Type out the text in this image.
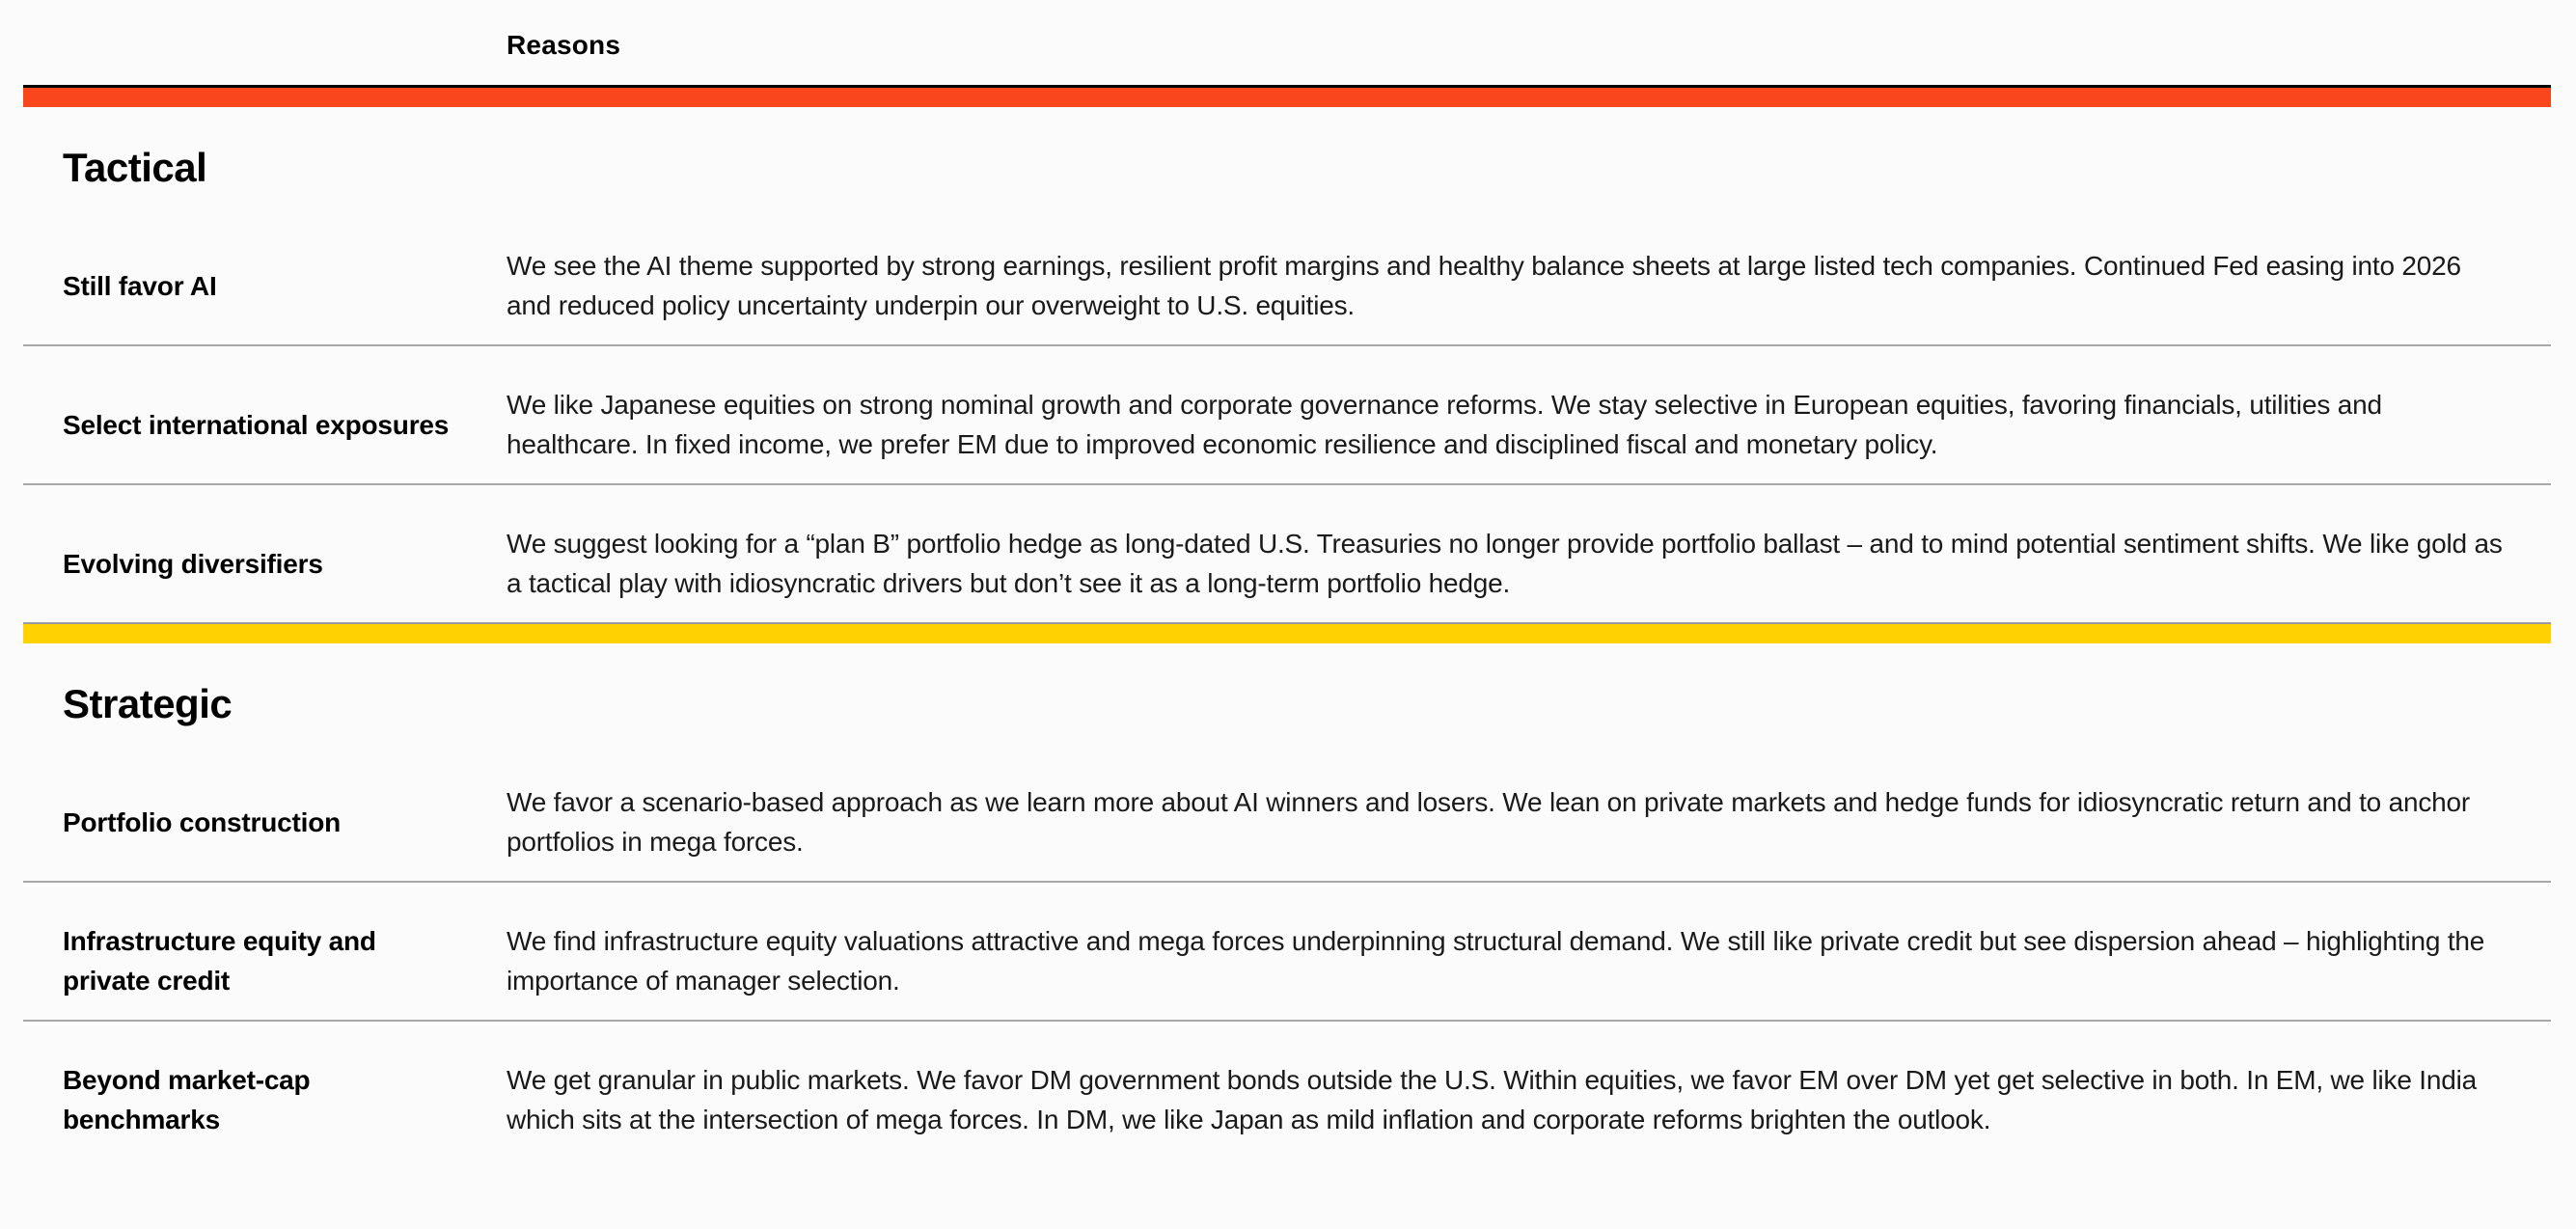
Reasons
Tactical
Still favor AI
We see the AI theme supported by strong earnings, resilient profit margins and healthy balance sheets at large listed tech companies. Continued Fed easing into 2026 and reduced policy uncertainty underpin our overweight to U.S. equities.
Select international exposures
We like Japanese equities on strong nominal growth and corporate governance reforms. We stay selective in European equities, favoring financials, utilities and healthcare. In fixed income, we prefer EM due to improved economic resilience and disciplined fiscal and monetary policy.
Evolving diversifiers
We suggest looking for a “plan B” portfolio hedge as long-dated U.S. Treasuries no longer provide portfolio ballast – and to mind potential sentiment shifts. We like gold as a tactical play with idiosyncratic drivers but don’t see it as a long-term portfolio hedge.
Strategic
Portfolio construction
We favor a scenario-based approach as we learn more about AI winners and losers. We lean on private markets and hedge funds for idiosyncratic return and to anchor portfolios in mega forces.
Infrastructure equity and private credit
We find infrastructure equity valuations attractive and mega forces underpinning structural demand. We still like private credit but see dispersion ahead – highlighting the importance of manager selection.
Beyond market-cap benchmarks
We get granular in public markets. We favor DM government bonds outside the U.S. Within equities, we favor EM over DM yet get selective in both. In EM, we like India which sits at the intersection of mega forces. In DM, we like Japan as mild inflation and corporate reforms brighten the outlook.
